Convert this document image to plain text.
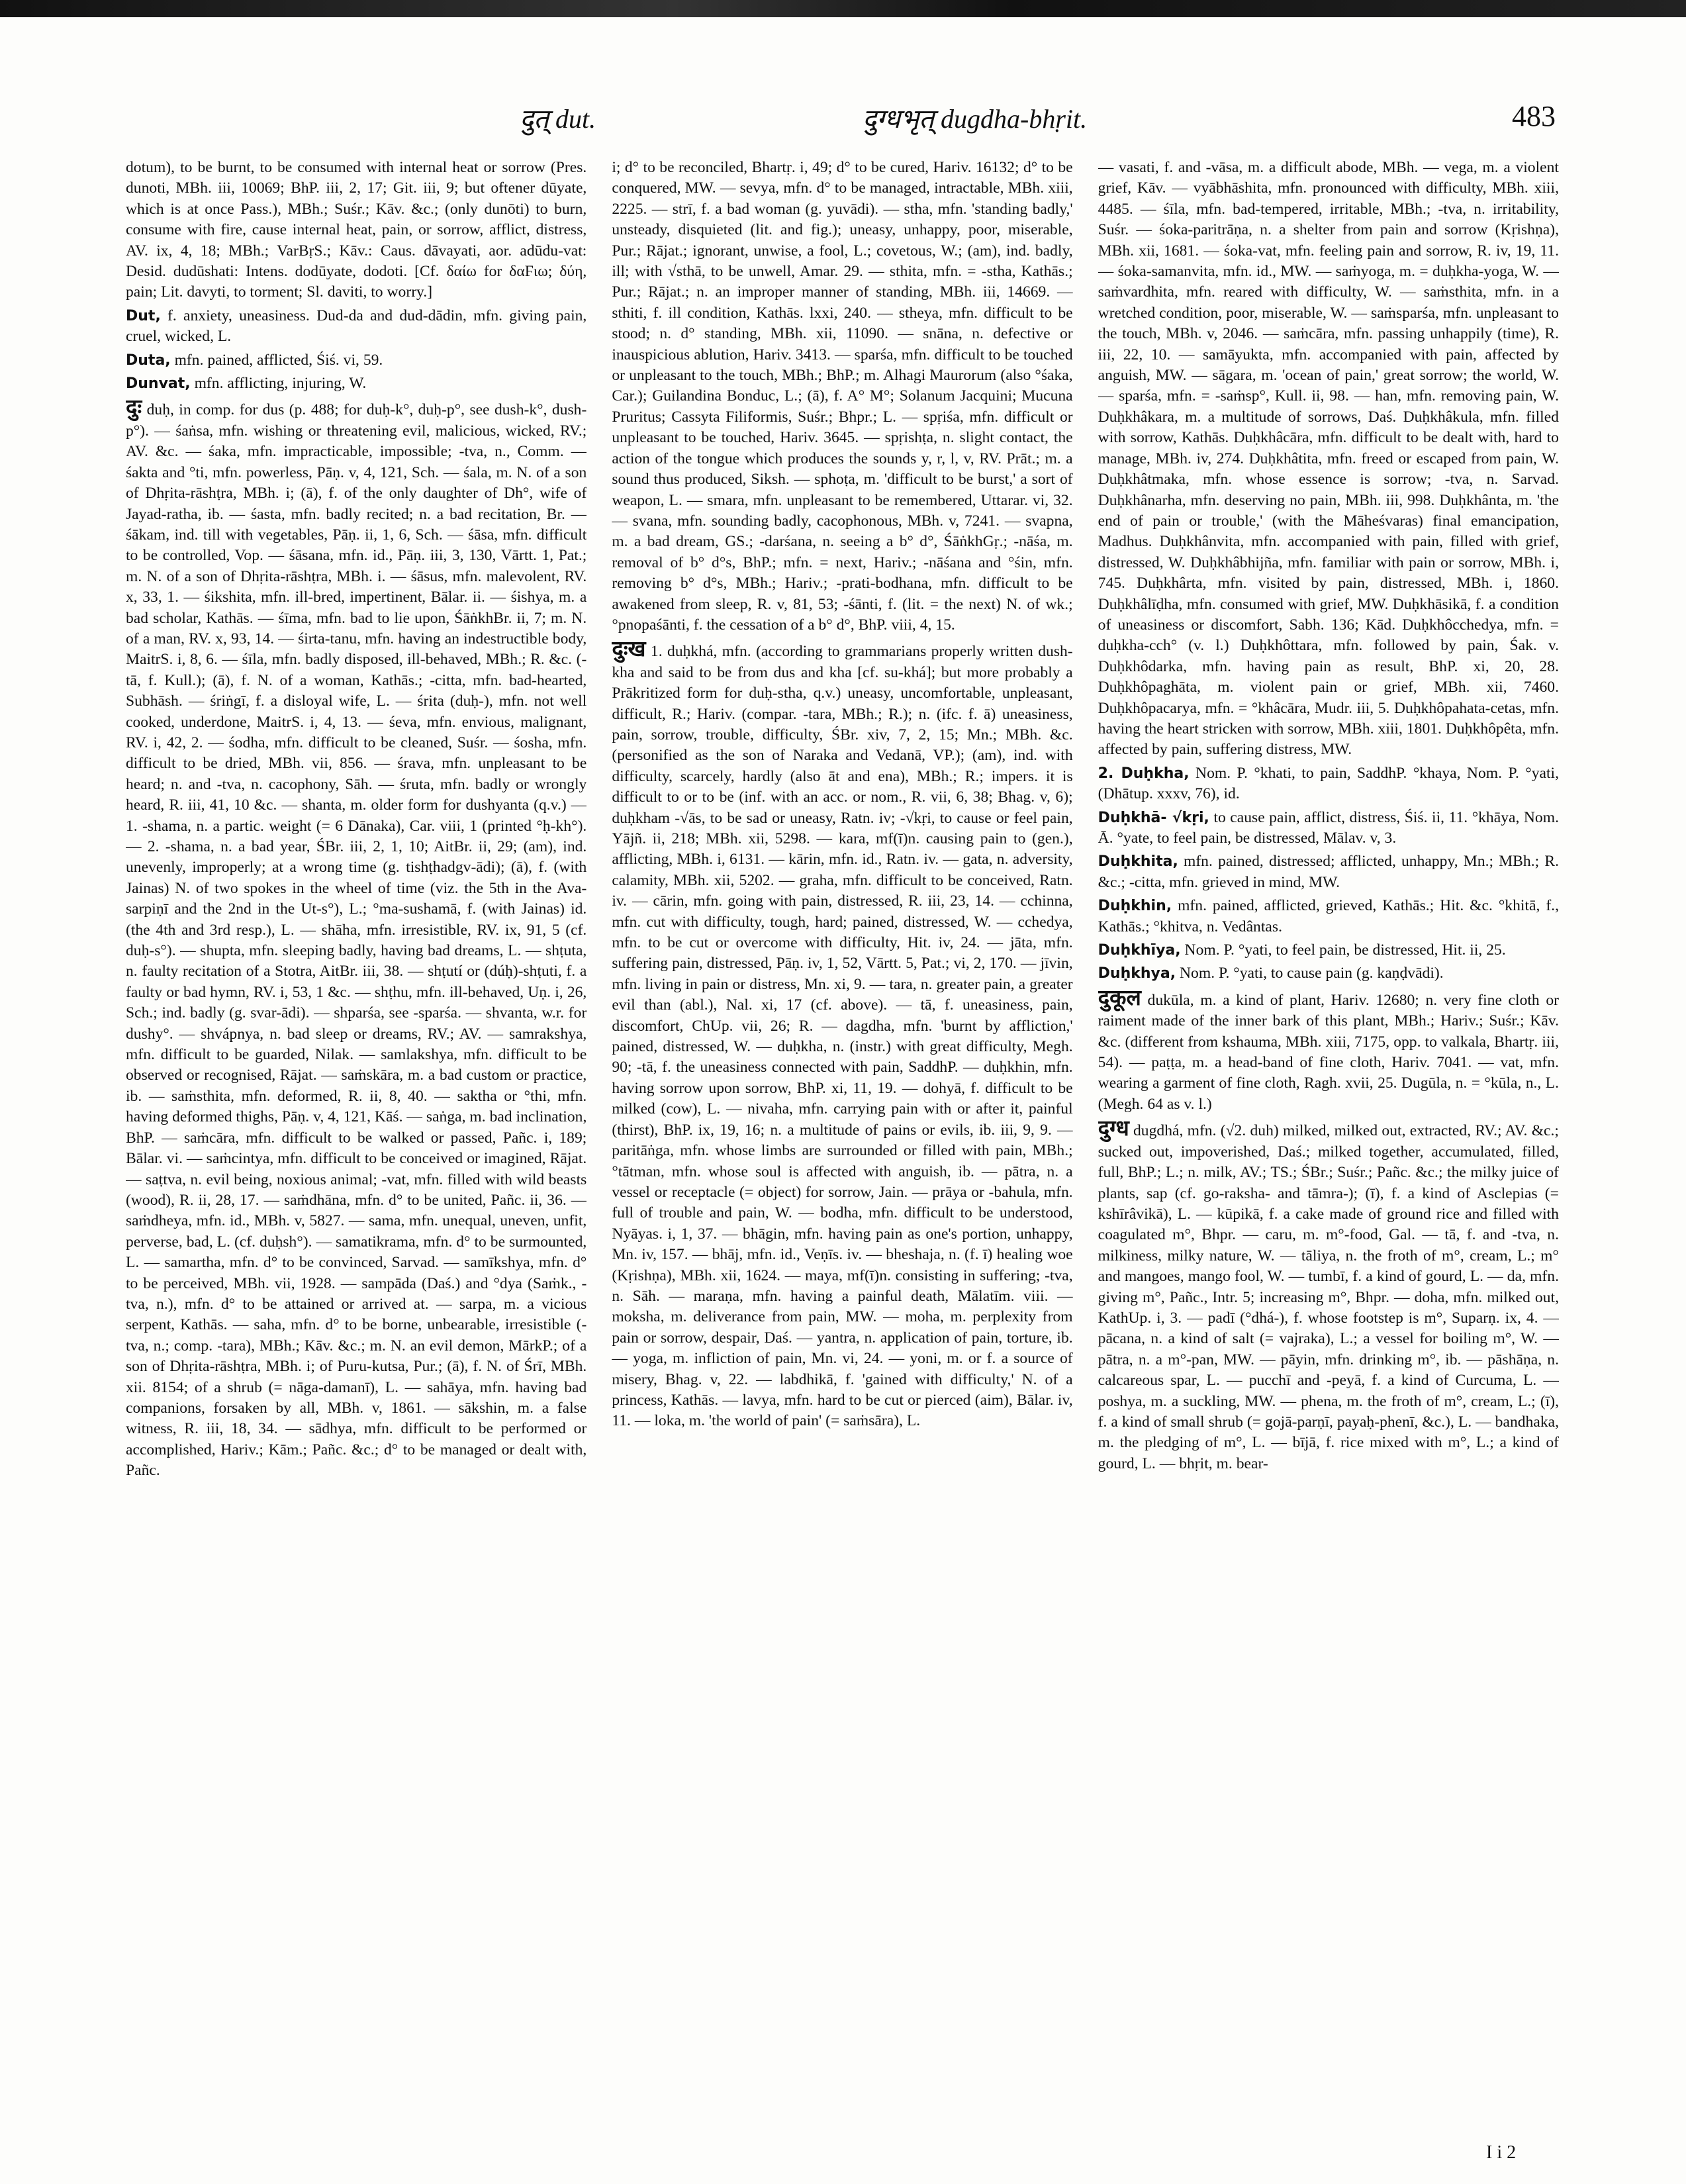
दुत् dut.	दुग्धभृत् dugdha-bhṛit.	483

dotum), to be burnt, to be consumed with internal heat or sorrow (Pres. dunoti, MBh. iii, 10069; BhP. iii, 2, 17; Git. iii, 9; but oftener dūyate, which is at once Pass.), MBh.; Suśr.; Kāv. &c.; (only dunōti) to burn, consume with fire, cause internal heat, pain, or sorrow, afflict, distress, AV. ix, 4, 18; MBh.; VarBṛS.; Kāv.: Caus. dāvayati, aor. adūdu-vat: Desid. dudūshati: Intens. dodūyate, dodoti. [Cf. δαίω for δαϜιω; δύη, pain; Lit. davyti, to torment; Sl. daviti, to worry.]

Dut, f. anxiety, uneasiness. Dud-da and dud-dādin, mfn. giving pain, cruel, wicked, L.

Duta, mfn. pained, afflicted, Śiś. vi, 59.

Dunvat, mfn. afflicting, injuring, W.

दुः duḥ, in comp. for dus (p. 488; for duḥ-k°, duḥ-p°, see dush-k°, dush-p°). — śaṅsa, mfn. wishing or threatening evil, malicious, wicked, RV.; AV. &c. — śaka, mfn. impracticable, impossible; -tva, n., Comm. — śakta and °ti, mfn. powerless, Pāṇ. v, 4, 121, Sch. — śala, m. N. of a son of Dhṛita-rāshṭra, MBh. i; (ā), f. of the only daughter of Dh°, wife of Jayad-ratha, ib. — śasta, mfn. badly recited; n. a bad recitation, Br. — śākam, ind. till with vegetables, Pāṇ. ii, 1, 6, Sch. — śāsa, mfn. difficult to be controlled, Vop. — śāsana, mfn. id., Pāṇ. iii, 3, 130, Vārtt. 1, Pat.; m. N. of a son of Dhṛita-rāshṭra, MBh. i. — śāsus, mfn. malevolent, RV. x, 33, 1. — śikshita, mfn. ill-bred, impertinent, Bālar. ii. — śishya, m. a bad scholar, Kathās. — śīma, mfn. bad to lie upon, ŚāṅkhBr. ii, 7; m. N. of a man, RV. x, 93, 14. — śirta-tanu, mfn. having an indestructible body, MaitrS. i, 8, 6. — śīla, mfn. badly disposed, ill-behaved, MBh.; R. &c. (-tā, f. Kull.); (ā), f. N. of a woman, Kathās.; -citta, mfn. bad-hearted, Subhāsh. — śriṅgī, f. a disloyal wife, L. — śrita (duḥ-), mfn. not well cooked, underdone, MaitrS. i, 4, 13. — śeva, mfn. envious, malignant, RV. i, 42, 2. — śodha, mfn. difficult to be cleaned, Suśr. — śosha, mfn. difficult to be dried, MBh. vii, 856. — śrava, mfn. unpleasant to be heard; n. and -tva, n. cacophony, Sāh. — śruta, mfn. badly or wrongly heard, R. iii, 41, 10 &c. — shanta, m. older form for dushyanta (q.v.) — 1. -shama, n. a partic. weight (= 6 Dānaka), Car. viii, 1 (printed °ḥ-kh°). — 2. -shama, n. a bad year, ŚBr. iii, 2, 1, 10; AitBr. ii, 29; (am), ind. unevenly, improperly; at a wrong time (g. tishṭhadgv-ādi); (ā), f. (with Jainas) N. of two spokes in the wheel of time (viz. the 5th in the Ava-sarpiṇī and the 2nd in the Ut-s°), L.; °ma-sushamā, f. (with Jainas) id. (the 4th and 3rd resp.), L. — shāha, mfn. irresistible, RV. ix, 91, 5 (cf. duḥ-s°). — shupta, mfn. sleeping badly, having bad dreams, L. — shṭuta, n. faulty recitation of a Stotra, AitBr. iii, 38. — shṭutí or (dúḥ)-shṭuti, f. a faulty or bad hymn, RV. i, 53, 1 &c. — shṭhu, mfn. ill-behaved, Uṇ. i, 26, Sch.; ind. badly (g. svar-ādi). — shparśa, see -sparśa. — shvanta, w.r. for dushy°. — shvápnya, n. bad sleep or dreams, RV.; AV. — samrakshya, mfn. difficult to be guarded, Nilak. — samlakshya, mfn. difficult to be observed or recognised, Rājat. — saṁskāra, m. a bad custom or practice, ib. — saṁsthita, mfn. deformed, R. ii, 8, 40. — saktha or °thi, mfn. having deformed thighs, Pāṇ. v, 4, 121, Kāś. — saṅga, m. bad inclination, BhP. — saṁcāra, mfn. difficult to be walked or passed, Pañc. i, 189; Bālar. vi. — saṁcintya, mfn. difficult to be conceived or imagined, Rājat. — saṭtva, n. evil being, noxious animal; -vat, mfn. filled with wild beasts (wood), R. ii, 28, 17. — saṁdhāna, mfn. d° to be united, Pañc. ii, 36. — saṁdheya, mfn. id., MBh. v, 5827. — sama, mfn. unequal, uneven, unfit, perverse, bad, L. (cf. duḥsh°). — samatikrama, mfn. d° to be surmounted, L. — samartha, mfn. d° to be convinced, Sarvad. — samīkshya, mfn. d° to be perceived, MBh. vii, 1928. — sampāda (Daś.) and °dya (Saṁk., -tva, n.), mfn. d° to be attained or arrived at. — sarpa, m. a vicious serpent, Kathās. — saha, mfn. d° to be borne, unbearable, irresistible (-tva, n.; comp. -tara), MBh.; Kāv. &c.; m. N. an evil demon, MārkP.; of a son of Dhṛita-rāshṭra, MBh. i; of Puru-kutsa, Pur.; (ā), f. N. of Śrī, MBh. xii. 8154; of a shrub (= nāga-damanī), L. — sahāya, mfn. having bad companions, forsaken by all, MBh. v, 1861. — sākshin, m. a false witness, R. iii, 18, 34. — sādhya, mfn. difficult to be performed or accomplished, Hariv.; Kām.; Pañc. &c.; d° to be managed or dealt with, Pañc.

i; d° to be reconciled, Bhartṛ. i, 49; d° to be cured, Hariv. 16132; d° to be conquered, MW. — sevya, mfn. d° to be managed, intractable, MBh. xiii, 2225. — strī, f. a bad woman (g. yuvādi). — stha, mfn. 'standing badly,' unsteady, disquieted (lit. and fig.); uneasy, unhappy, poor, miserable, Pur.; Rājat.; ignorant, unwise, a fool, L.; covetous, W.; (am), ind. badly, ill; with √sthā, to be unwell, Amar. 29. — sthita, mfn. = -stha, Kathās.; Pur.; Rājat.; n. an improper manner of standing, MBh. iii, 14669. — sthiti, f. ill condition, Kathās. lxxi, 240. — stheya, mfn. difficult to be stood; n. d° standing, MBh. xii, 11090. — snāna, n. defective or inauspicious ablution, Hariv. 3413. — sparśa, mfn. difficult to be touched or unpleasant to the touch, MBh.; BhP.; m. Alhagi Maurorum (also °śaka, Car.); Guilandina Bonduc, L.; (ā), f. A° M°; Solanum Jacquini; Mucuna Pruritus; Cassyta Filiformis, Suśr.; Bhpr.; L. — spṛiśa, mfn. difficult or unpleasant to be touched, Hariv. 3645. — spṛishṭa, n. slight contact, the action of the tongue which produces the sounds y, r, l, v, RV. Prāt.; m. a sound thus produced, Siksh. — sphoṭa, m. 'difficult to be burst,' a sort of weapon, L. — smara, mfn. unpleasant to be remembered, Uttarar. vi, 32. — svana, mfn. sounding badly, cacophonous, MBh. v, 7241. — svapna, m. a bad dream, GS.; -darśana, n. seeing a b° d°, ŚāṅkhGṛ.; -nāśa, m. removal of b° d°s, BhP.; mfn. = next, Hariv.; -nāśana and °śin, mfn. removing b° d°s, MBh.; Hariv.; -prati-bodhana, mfn. difficult to be awakened from sleep, R. v, 81, 53; -śānti, f. (lit. = the next) N. of wk.; °pnopaśānti, f. the cessation of a b° d°, BhP. viii, 4, 15.

दुःख 1. duḥkhá, mfn. (according to grammarians properly written dush-kha and said to be from dus and kha [cf. su-khá]; but more probably a Prākritized form for duḥ-stha, q.v.) uneasy, uncomfortable, unpleasant, difficult, R.; Hariv. (compar. -tara, MBh.; R.); n. (ifc. f. ā) uneasiness, pain, sorrow, trouble, difficulty, ŚBr. xiv, 7, 2, 15; Mn.; MBh. &c. (personified as the son of Naraka and Vedanā, VP.); (am), ind. with difficulty, scarcely, hardly (also āt and ena), MBh.; R.; impers. it is difficult to or to be (inf. with an acc. or nom., R. vii, 6, 38; Bhag. v, 6); duḥkham -√ās, to be sad or uneasy, Ratn. iv; -√kṛi, to cause or feel pain, Yājñ. ii, 218; MBh. xii, 5298. — kara, mf(ī)n. causing pain to (gen.), afflicting, MBh. i, 6131. — kārin, mfn. id., Ratn. iv. — gata, n. adversity, calamity, MBh. xii, 5202. — graha, mfn. difficult to be conceived, Ratn. iv. — cārin, mfn. going with pain, distressed, R. iii, 23, 14. — cchinna, mfn. cut with difficulty, tough, hard; pained, distressed, W. — cchedya, mfn. to be cut or overcome with difficulty, Hit. iv, 24. — jāta, mfn. suffering pain, distressed, Pāṇ. iv, 1, 52, Vārtt. 5, Pat.; vi, 2, 170. — jīvin, mfn. living in pain or distress, Mn. xi, 9. — tara, n. greater pain, a greater evil than (abl.), Nal. xi, 17 (cf. above). — tā, f. uneasiness, pain, discomfort, ChUp. vii, 26; R. — dagdha, mfn. 'burnt by affliction,' pained, distressed, W. — duḥkha, n. (instr.) with great difficulty, Megh. 90; -tā, f. the uneasiness connected with pain, SaddhP. — duḥkhin, mfn. having sorrow upon sorrow, BhP. xi, 11, 19. — dohyā, f. difficult to be milked (cow), L. — nivaha, mfn. carrying pain with or after it, painful (thirst), BhP. ix, 19, 16; n. a multitude of pains or evils, ib. iii, 9, 9. — paritāṅga, mfn. whose limbs are surrounded or filled with pain, MBh.; °tātman, mfn. whose soul is affected with anguish, ib. — pātra, n. a vessel or receptacle (= object) for sorrow, Jain. — prāya or -bahula, mfn. full of trouble and pain, W. — bodha, mfn. difficult to be understood, Nyāyas. i, 1, 37. — bhāgin, mfn. having pain as one's portion, unhappy, Mn. iv, 157. — bhāj, mfn. id., Veṇīs. iv. — bheshaja, n. (f. ī) healing woe (Kṛishṇa), MBh. xii, 1624. — maya, mf(ī)n. consisting in suffering; -tva, n. Sāh. — maraṇa, mfn. having a painful death, Mālatīm. viii. — moksha, m. deliverance from pain, MW. — moha, m. perplexity from pain or sorrow, despair, Daś. — yantra, n. application of pain, torture, ib. — yoga, m. infliction of pain, Mn. vi, 24. — yoni, m. or f. a source of misery, Bhag. v, 22. — labdhikā, f. 'gained with difficulty,' N. of a princess, Kathās. — lavya, mfn. hard to be cut or pierced (aim), Bālar. iv, 11. — loka, m. 'the world of pain' (= saṁsāra), L.

— vasati, f. and -vāsa, m. a difficult abode, MBh. — vega, m. a violent grief, Kāv. — vyābhāshita, mfn. pronounced with difficulty, MBh. xiii, 4485. — śīla, mfn. bad-tempered, irritable, MBh.; -tva, n. irritability, Suśr. — śoka-paritrāṇa, n. a shelter from pain and sorrow (Kṛishṇa), MBh. xii, 1681. — śoka-vat, mfn. feeling pain and sorrow, R. iv, 19, 11. — śoka-samanvita, mfn. id., MW. — saṁyoga, m. = duḥkha-yoga, W. — saṁvardhita, mfn. reared with difficulty, W. — saṁsthita, mfn. in a wretched condition, poor, miserable, W. — saṁsparśa, mfn. unpleasant to the touch, MBh. v, 2046. — saṁcāra, mfn. passing unhappily (time), R. iii, 22, 10. — samāyukta, mfn. accompanied with pain, affected by anguish, MW. — sāgara, m. 'ocean of pain,' great sorrow; the world, W. — sparśa, mfn. = -saṁsp°, Kull. ii, 98. — han, mfn. removing pain, W. Duḥkhâkara, m. a multitude of sorrows, Daś. Duḥkhâkula, mfn. filled with sorrow, Kathās. Duḥkhâcāra, mfn. difficult to be dealt with, hard to manage, MBh. iv, 274. Duḥkhâtita, mfn. freed or escaped from pain, W. Duḥkhâtmaka, mfn. whose essence is sorrow; -tva, n. Sarvad. Duḥkhânarha, mfn. deserving no pain, MBh. iii, 998. Duḥkhânta, m. 'the end of pain or trouble,' (with the Māheśvaras) final emancipation, Madhus. Duḥkhânvita, mfn. accompanied with pain, filled with grief, distressed, W. Duḥkhâbhijña, mfn. familiar with pain or sorrow, MBh. i, 745. Duḥkhârta, mfn. visited by pain, distressed, MBh. i, 1860. Duḥkhâlīḍha, mfn. consumed with grief, MW. Duḥkhāsikā, f. a condition of uneasiness or discomfort, Sabh. 136; Kād. Duḥkhôcchedya, mfn. = duḥkha-cch° (v. l.) Duḥkhôttara, mfn. followed by pain, Śak. v. Duḥkhôdarka, mfn. having pain as result, BhP. xi, 20, 28. Duḥkhôpaghāta, m. violent pain or grief, MBh. xii, 7460. Duḥkhôpacarya, mfn. = °khâcāra, Mudr. iii, 5. Duḥkhôpahata-cetas, mfn. having the heart stricken with sorrow, MBh. xiii, 1801. Duḥkhôpêta, mfn. affected by pain, suffering distress, MW.

2. Duḥkha, Nom. P. °khati, to pain, SaddhP. °khaya, Nom. P. °yati, (Dhātup. xxxv, 76), id.

Duḥkhā- √kṛi, to cause pain, afflict, distress, Śiś. ii, 11. °khāya, Nom. Ā. °yate, to feel pain, be distressed, Mālav. v, 3.

Duḥkhita, mfn. pained, distressed; afflicted, unhappy, Mn.; MBh.; R. &c.; -citta, mfn. grieved in mind, MW.

Duḥkhin, mfn. pained, afflicted, grieved, Kathās.; Hit. &c. °khitā, f., Kathās.; °khitva, n. Vedântas.

Duḥkhīya, Nom. P. °yati, to feel pain, be distressed, Hit. ii, 25.

Duḥkhya, Nom. P. °yati, to cause pain (g. kaṇḍvādi).

दुकूल dukūla, m. a kind of plant, Hariv. 12680; n. very fine cloth or raiment made of the inner bark of this plant, MBh.; Hariv.; Suśr.; Kāv. &c. (different from kshauma, MBh. xiii, 7175, opp. to valkala, Bhartṛ. iii, 54). — paṭṭa, m. a head-band of fine cloth, Hariv. 7041. — vat, mfn. wearing a garment of fine cloth, Ragh. xvii, 25. Dugūla, n. = °kūla, n., L. (Megh. 64 as v. l.)

दुग्ध dugdhá, mfn. (√2. duh) milked, milked out, extracted, RV.; AV. &c.; sucked out, impoverished, Daś.; milked together, accumulated, filled, full, BhP.; L.; n. milk, AV.; TS.; ŚBr.; Suśr.; Pañc. &c.; the milky juice of plants, sap (cf. go-raksha- and tāmra-); (ī), f. a kind of Asclepias (= kshīrâvikā), L. — kūpikā, f. a cake made of ground rice and filled with coagulated m°, Bhpr. — caru, m. m°-food, Gal. — tā, f. and -tva, n. milkiness, milky nature, W. — tāliya, n. the froth of m°, cream, L.; m° and mangoes, mango fool, W. — tumbī, f. a kind of gourd, L. — da, mfn. giving m°, Pañc., Intr. 5; increasing m°, Bhpr. — doha, mfn. milked out, KathUp. i, 3. — padī (°dhá-), f. whose footstep is m°, Suparṇ. ix, 4. — pācana, n. a kind of salt (= vajraka), L.; a vessel for boiling m°, W. — pātra, n. a m°-pan, MW. — pāyin, mfn. drinking m°, ib. — pāshāṇa, n. calcareous spar, L. — pucchī and -peyā, f. a kind of Curcuma, L. — poshya, m. a suckling, MW. — phena, m. the froth of m°, cream, L.; (ī), f. a kind of small shrub (= gojā-parṇī, payaḥ-phenī, &c.), L. — bandhaka, m. the pledging of m°, L. — bījā, f. rice mixed with m°, L.; a kind of gourd, L. — bhṛit, m. bear-

I i 2
